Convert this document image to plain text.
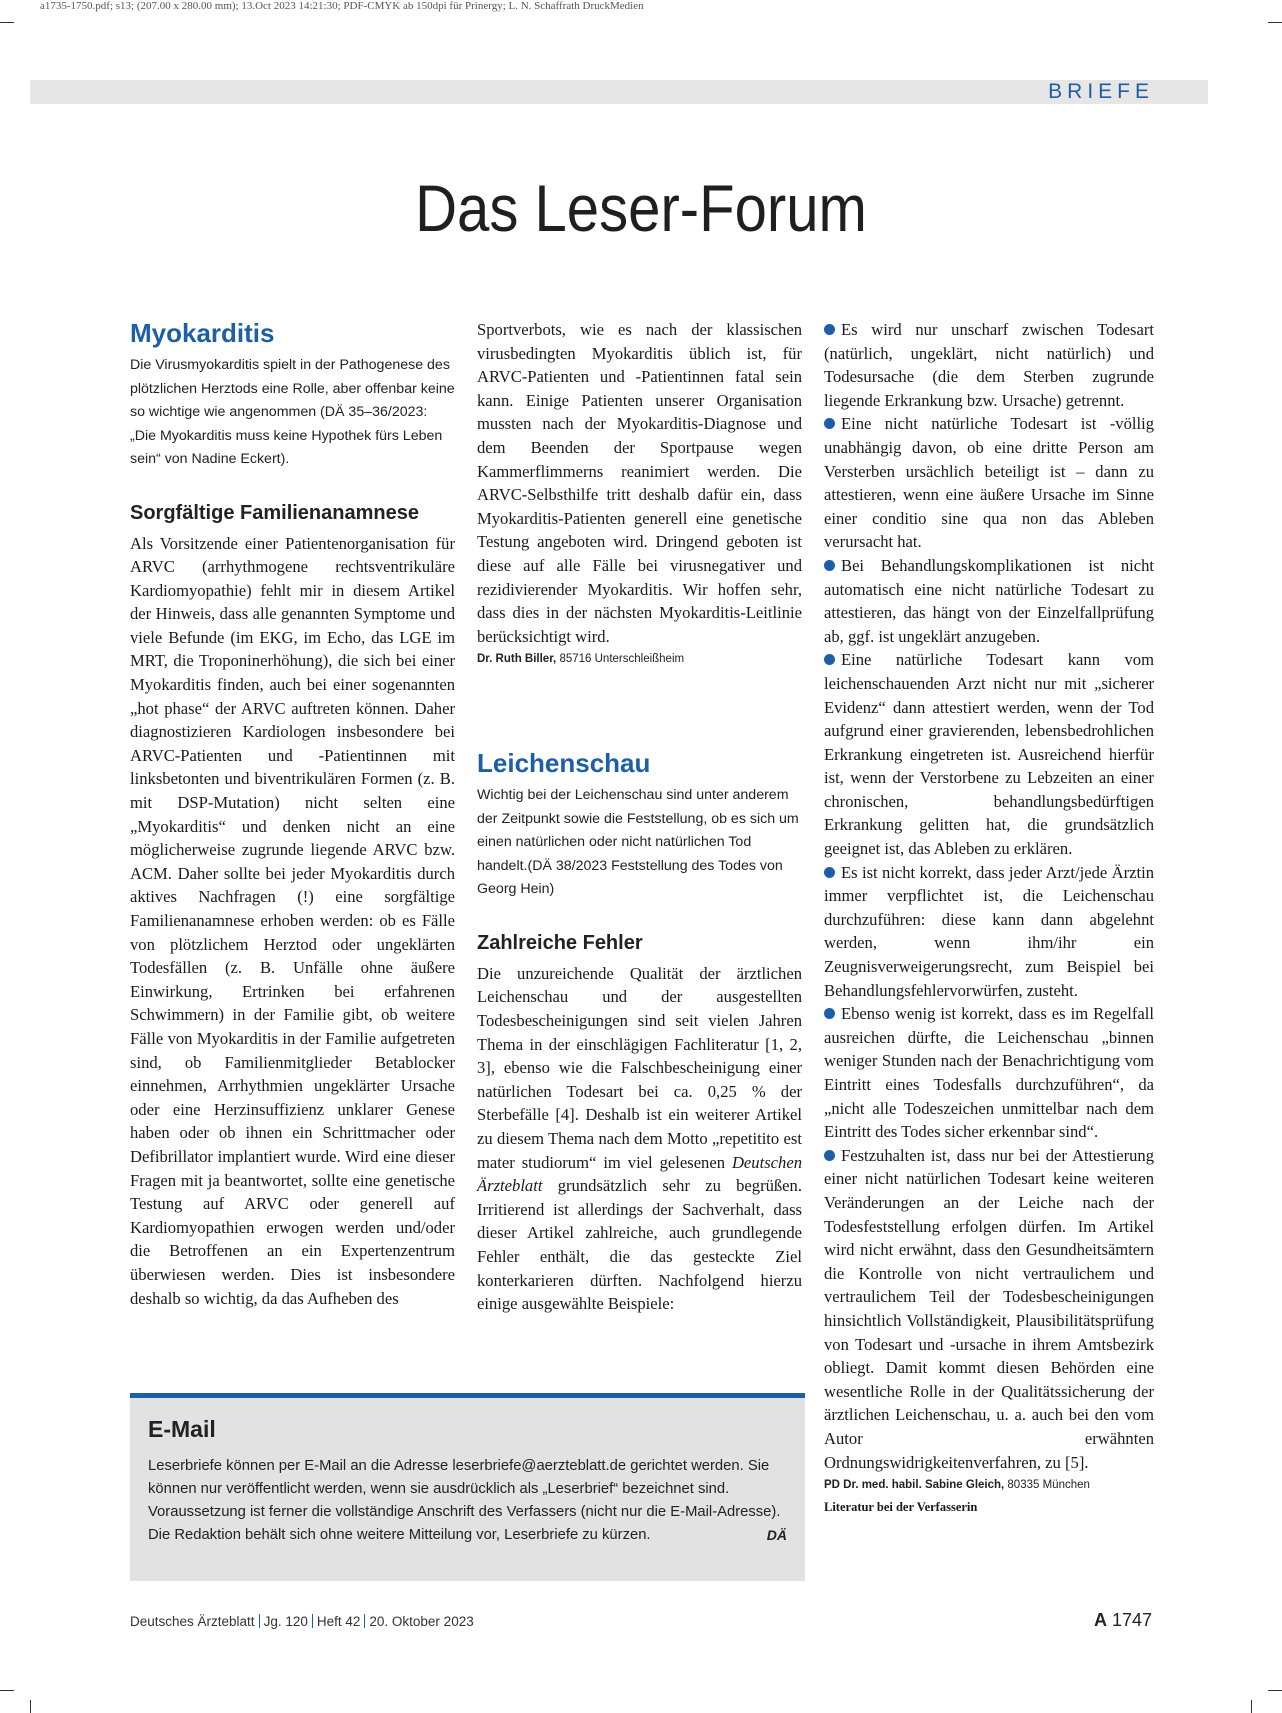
a1735-1750.pdf; s13; (207.00 x 280.00 mm); 13.Oct 2023 14:21:30; PDF-CMYK ab 150dpi für Prinergy; L. N. Schaffrath DruckMedien
BRIEFE
Das Leser-Forum
Myokarditis

Die Virusmyokarditis spielt in der Pathogenese des plötzlichen Herztods eine Rolle, aber offenbar keine so wichtige wie angenommen (DÄ 35–36/2023: „Die Myokarditis muss keine Hypothek fürs Leben sein“ von Nadine Eckert).

Sorgfältige Familienanamnese

Als Vorsitzende einer Patientenorganisation für ARVC (arrhythmogene rechtsventrikuläre Kardiomyopathie) fehlt mir in diesem Artikel der Hinweis, dass alle genannten Symptome und viele Befunde (im EKG, im Echo, das LGE im MRT, die Troponinerhöhung), die sich bei einer Myokarditis finden, auch bei einer sogenannten „hot phase“ der ARVC auftreten können. Daher diagnostizieren Kardiologen insbesondere bei ARVC-Patienten und -Patientinnen mit linksbetonten und biventrikulären Formen (z. B. mit DSP-Mutation) nicht selten eine „Myokarditis“ und denken nicht an eine möglicherweise zugrunde liegende ARVC bzw. ACM. Daher sollte bei jeder Myokarditis durch aktives Nachfragen (!) eine sorgfältige Familienanamnese erhoben werden: ob es Fälle von plötzlichem Herztod oder ungeklärten Todesfällen (z. B. Unfälle ohne äußere Einwirkung, Ertrinken bei erfahrenen Schwimmern) in der Familie gibt, ob weitere Fälle von Myokarditis in der Familie aufgetreten sind, ob Familienmitglieder Betablocker einnehmen, Arrhythmien ungeklärter Ursache oder eine Herzinsuffizienz unklarer Genese haben oder ob ihnen ein Schrittmacher oder Defibrillator implantiert wurde. Wird eine dieser Fragen mit ja beantwortet, sollte eine genetische Testung auf ARVC oder generell auf Kardiomyopathien erwogen werden und/oder die Betroffenen an ein Expertenzentrum überwiesen werden. Dies ist insbesondere deshalb so wichtig, da das Aufheben des

Sportverbots, wie es nach der klassischen virusbedingten Myokarditis üblich ist, für ARVC-Patienten und -Patientinnen fatal sein kann. Einige Patienten unserer Organisation mussten nach der Myokarditis-Diagnose und dem Beenden der Sportpause wegen Kammerflimmerns reanimiert werden. Die ARVC-Selbsthilfe tritt deshalb dafür ein, dass Myokarditis-Patienten generell eine genetische Testung angeboten wird. Dringend geboten ist diese auf alle Fälle bei virusnegativer und rezidivierender Myokarditis. Wir hoffen sehr, dass dies in der nächsten Myokarditis-Leitlinie berücksichtigt wird.

Dr. Ruth Biller, 85716 Unterschleißheim

Leichenschau

Wichtig bei der Leichenschau sind unter anderem der Zeitpunkt sowie die Feststellung, ob es sich um einen natürlichen oder nicht natürlichen Tod handelt.(DÄ 38/2023 Feststellung des Todes von Georg Hein)

Zahlreiche Fehler

Die unzureichende Qualität der ärztlichen Leichenschau und der ausgestellten Todesbescheinigungen sind seit vielen Jahren Thema in der einschlägigen Fachliteratur [1, 2, 3], ebenso wie die Falschbescheinigung einer natürlichen Todesart bei ca. 0,25 % der Sterbefälle [4]. Deshalb ist ein weiterer Artikel zu diesem Thema nach dem Motto „repetitito est mater studiorum“ im viel gelesenen Deutschen Ärzteblatt grundsätzlich sehr zu begrüßen. Irritierend ist allerdings der Sachverhalt, dass dieser Artikel zahlreiche, auch grundlegende Fehler enthält, die das gesteckte Ziel konterkarieren dürften. Nachfolgend hierzu einige ausgewählte Beispiele:

Es wird nur unscharf zwischen Todesart (natürlich, ungeklärt, nicht natürlich) und Todesursache (die dem Sterben zugrunde liegende Erkrankung bzw. Ursache) getrennt.

Eine nicht natürliche Todesart ist -völlig unabhängig davon, ob eine dritte Person am Versterben ursächlich beteiligt ist – dann zu attestieren, wenn eine äußere Ursache im Sinne einer conditio sine qua non das Ableben verursacht hat.

Bei Behandlungskomplikationen ist nicht automatisch eine nicht natürliche Todesart zu attestieren, das hängt von der Einzelfallprüfung ab, ggf. ist ungeklärt anzugeben.

Eine natürliche Todesart kann vom leichenschauenden Arzt nicht nur mit „sicherer Evidenz“ dann attestiert werden, wenn der Tod aufgrund einer gravierenden, lebensbedrohlichen Erkrankung eingetreten ist. Ausreichend hierfür ist, wenn der Verstorbene zu Lebzeiten an einer chronischen, behandlungsbedürftigen Erkrankung gelitten hat, die grundsätzlich geeignet ist, das Ableben zu erklären.

Es ist nicht korrekt, dass jeder Arzt/jede Ärztin immer verpflichtet ist, die Leichenschau durchzuführen: diese kann dann abgelehnt werden, wenn ihm/ihr ein Zeugnisverweigerungsrecht, zum Beispiel bei Behandlungsfehlervorwürfen, zusteht.

Ebenso wenig ist korrekt, dass es im Regelfall ausreichen dürfte, die Leichenschau „binnen weniger Stunden nach der Benachrichtigung vom Eintritt eines Todesfalls durchzuführen“, da „nicht alle Todeszeichen unmittelbar nach dem Eintritt des Todes sicher erkennbar sind“.

Festzuhalten ist, dass nur bei der Attestierung einer nicht natürlichen Todesart keine weiteren Veränderungen an der Leiche nach der Todesfeststellung erfolgen dürfen. Im Artikel wird nicht erwähnt, dass den Gesundheitsämtern die Kontrolle von nicht vertraulichem und vertraulichem Teil der Todesbescheinigungen hinsichtlich Vollständigkeit, Plausibilitätsprüfung von Todesart und -ursache in ihrem Amtsbezirk obliegt. Damit kommt diesen Behörden eine wesentliche Rolle in der Qualitätssicherung der ärztlichen Leichenschau, u. a. auch bei den vom Autor erwähnten Ordnungswidrigkeitenverfahren, zu [5].

PD Dr. med. habil. Sabine Gleich, 80335 München

Literatur bei der Verfasserin

E-Mail

Leserbriefe können per E-Mail an die Adresse leserbriefe@aerzteblatt.de gerichtet werden. Sie können nur veröffentlicht werden, wenn sie ausdrücklich als „Leserbrief“ bezeichnet sind. Voraussetzung ist ferner die vollständige Anschrift des Verfassers (nicht nur die E-Mail-Adresse). Die Redaktion behält sich ohne weitere Mitteilung vor, Leserbriefe zu kürzen.	DÄ

Deutsches Ärzteblatt Jg. 120 Heft 42 20. Oktober 2023	A 1747
